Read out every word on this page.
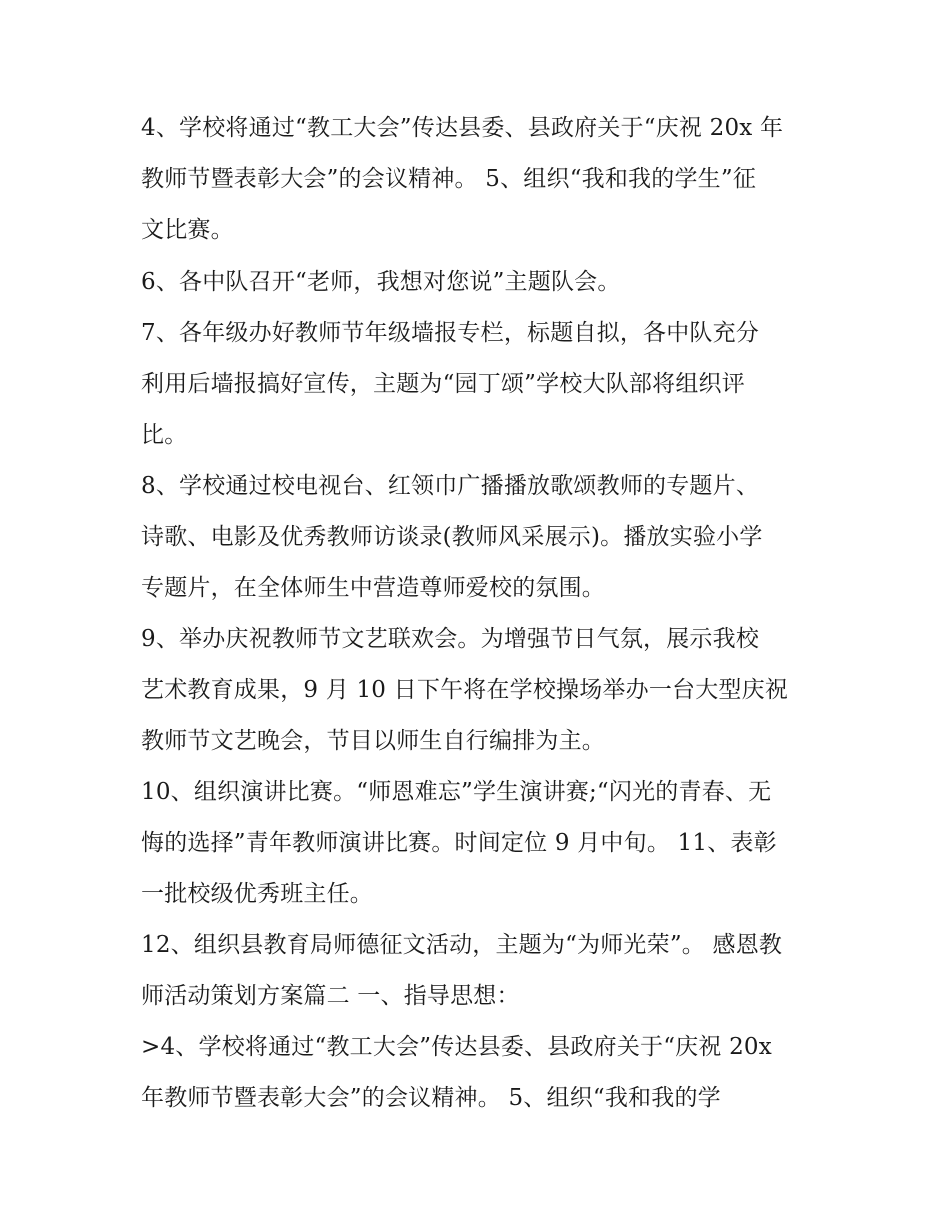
4、学校将通过“教工大会”传达县委、县政府关于“庆祝 20x 年
教师节暨表彰大会”的会议精神。 5、组织“我和我的学生”征
文比赛。
6、各中队召开“老师，我想对您说”主题队会。
7、各年级办好教师节年级墙报专栏，标题自拟，各中队充分
利用后墙报搞好宣传，主题为“园丁颂”学校大队部将组织评
比。
8、学校通过校电视台、红领巾广播播放歌颂教师的专题片、
诗歌、电影及优秀教师访谈录(教师风采展示)。播放实验小学
专题片，在全体师生中营造尊师爱校的氛围。
9、举办庆祝教师节文艺联欢会。为增强节日气氛，展示我校
艺术教育成果，9 月 10 日下午将在学校操场举办一台大型庆祝
教师节文艺晚会，节目以师生自行编排为主。
10、组织演讲比赛。“师恩难忘”学生演讲赛;“闪光的青春、无
悔的选择”青年教师演讲比赛。时间定位 9 月中旬。 11、表彰
一批校级优秀班主任。
12、组织县教育局师德征文活动，主题为“为师光荣”。 感恩教
师活动策划方案篇二 一、指导思想：
>4、学校将通过“教工大会”传达县委、县政府关于“庆祝 20x
年教师节暨表彰大会”的会议精神。 5、组织“我和我的学
